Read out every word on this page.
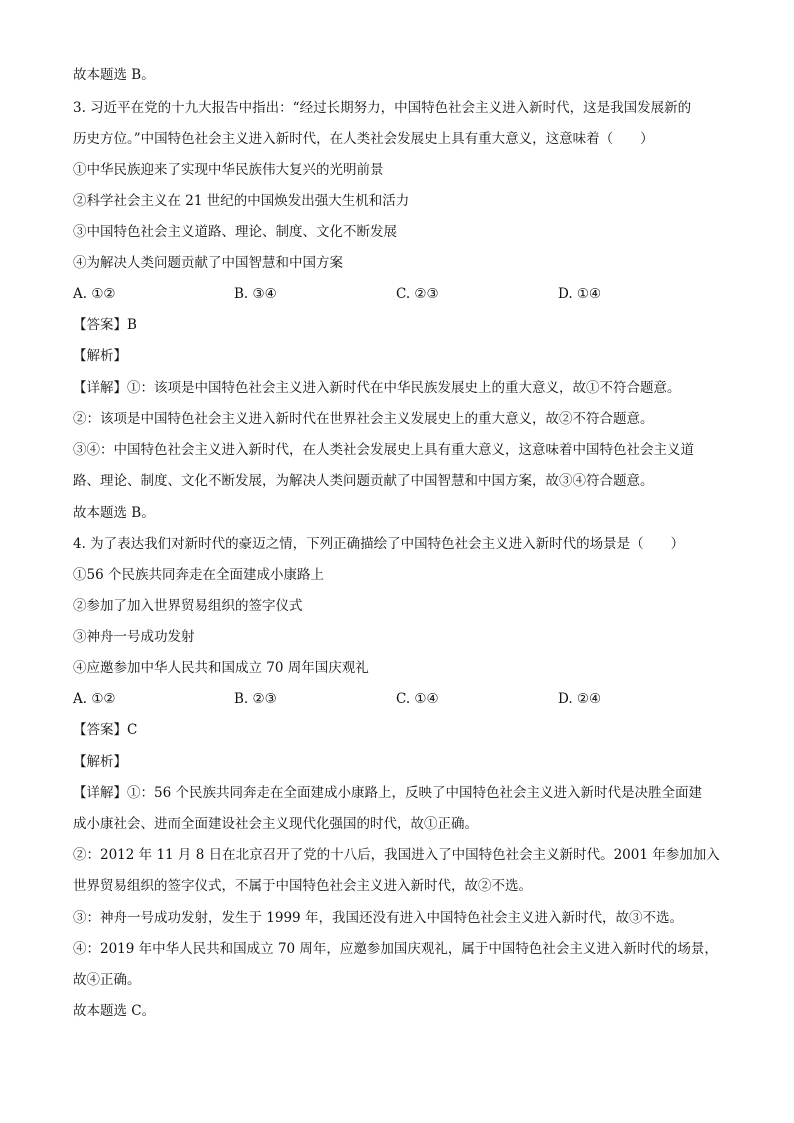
故本题选 B。
3. 习近平在党的十九大报告中指出：“经过长期努力，中国特色社会主义进入新时代，这是我国发展新的
历史方位。”中国特色社会主义进入新时代，在人类社会发展史上具有重大意义，这意味着（　　）
①中华民族迎来了实现中华民族伟大复兴的光明前景
②科学社会主义在 21 世纪的中国焕发出强大生机和活力
③中国特色社会主义道路、理论、制度、文化不断发展
④为解决人类问题贡献了中国智慧和中国方案
A. ①②	B. ③④	C. ②③	D. ①④
【答案】B
【解析】
【详解】①：该项是中国特色社会主义进入新时代在中华民族发展史上的重大意义，故①不符合题意。
②：该项是中国特色社会主义进入新时代在世界社会主义发展史上的重大意义，故②不符合题意。
③④：中国特色社会主义进入新时代，在人类社会发展史上具有重大意义，这意味着中国特色社会主义道
路、理论、制度、文化不断发展，为解决人类问题贡献了中国智慧和中国方案，故③④符合题意。
故本题选 B。
4. 为了表达我们对新时代的豪迈之情，下列正确描绘了中国特色社会主义进入新时代的场景是（　　）
①56 个民族共同奔走在全面建成小康路上
②参加了加入世界贸易组织的签字仪式
③神舟一号成功发射
④应邀参加中华人民共和国成立 70 周年国庆观礼
A. ①②	B. ②③	C. ①④	D. ②④
【答案】C
【解析】
【详解】①：56 个民族共同奔走在全面建成小康路上，反映了中国特色社会主义进入新时代是决胜全面建
成小康社会、进而全面建设社会主义现代化强国的时代，故①正确。
②：2012 年 11 月 8 日在北京召开了党的十八后，我国进入了中国特色社会主义新时代。2001 年参加加入
世界贸易组织的签字仪式，不属于中国特色社会主义进入新时代，故②不选。
③：神舟一号成功发射，发生于 1999 年，我国还没有进入中国特色社会主义进入新时代，故③不选。
④：2019 年中华人民共和国成立 70 周年，应邀参加国庆观礼，属于中国特色社会主义进入新时代的场景，
故④正确。
故本题选 C。
